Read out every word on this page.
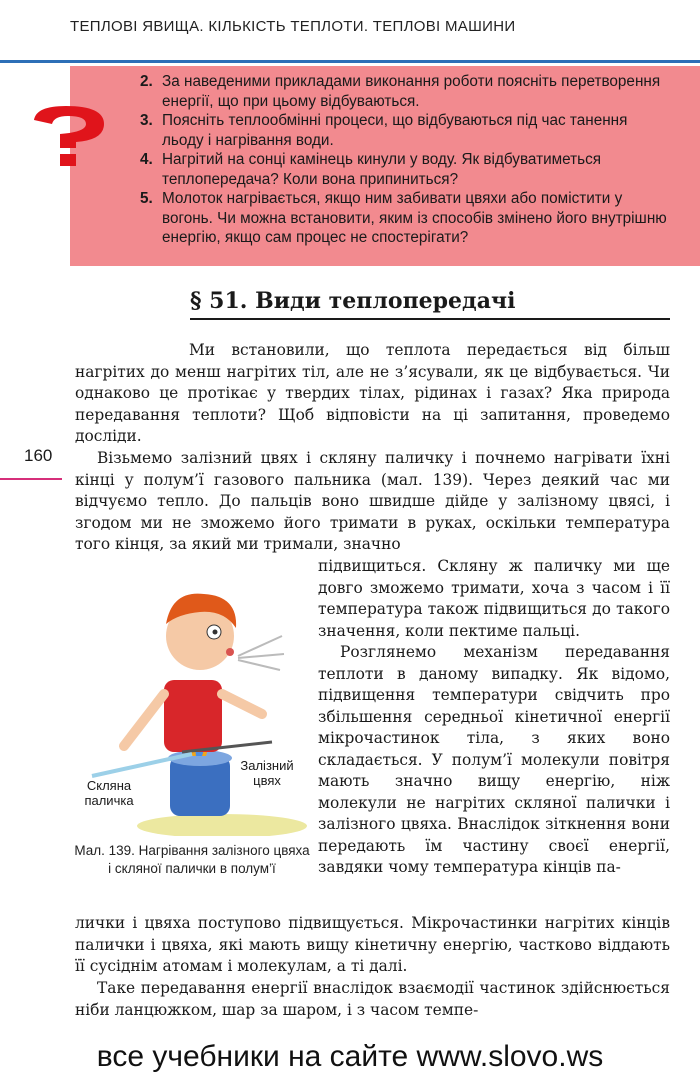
ТЕПЛОВІ ЯВИЩА. КІЛЬКІСТЬ ТЕПЛОТИ. ТЕПЛОВІ МАШИНИ
2. За наведеними прикладами виконання роботи поясніть перетворення енергії, що при цьому відбуваються.
3. Поясніть теплообмінні процеси, що відбуваються під час танення льоду і нагрівання води.
4. Нагрітий на сонці камінець кинули у воду. Як відбуватиметься теплопередача? Коли вона припиниться?
5. Молоток нагрівається, якщо ним забивати цвяхи або помістити у вогонь. Чи можна встановити, яким із способів змінено його внутрішню енергію, якщо сам процес не спостерігати?
§ 51. Види теплопередачі
160

Ми встановили, що теплота передається від більш нагрітих до менш нагрітих тіл, але не з’ясували, як це відбувається. Чи однаково це протікає у твердих тілах, рідинах і газах? Яка природа передавання теплоти? Щоб відповісти на ці запитання, проведемо досліди.

Візьмемо залізний цвях і скляну паличку і почнемо нагрівати їхні кінці у полум’ї газового пальника (мал. 139). Через деякий час ми відчуємо тепло. До пальців воно швидше дійде у залізному цвясі, і згодом ми не зможемо його тримати в руках, оскільки температура того кінця, за який ми тримали, значно

підвищиться. Скляну ж паличку ми ще довго зможемо тримати, хоча з часом і її температура також підвищиться до такого значення, коли пектиме пальці.

Розглянемо механізм передавання теплоти в даному випадку. Як відомо, підвищення температури свідчить про збільшення середньої кінетичної енергії мікрочастинок тіла, з яких воно складається. У полум’ї молекули повітря мають значно вищу енергію, ніж молекули не нагрітих скляної палички і залізного цвяха. Внаслідок зіткнення вони передають їм частину своєї енергії, завдяки чому температура кінців па-

лички і цвяха поступово підвищується. Мікрочастинки нагрітих кінців палички і цвяха, які мають вищу кінетичну енергію, частково віддають її сусіднім атомам і молекулам, а ті далі.

Таке передавання енергії внаслідок взаємодії частинок здійснюється ніби ланцюжком, шар за шаром, і з часом темпе-

Залізний цвях
Скляна паличка
Мал. 139. Нагрівання залізного цвяха і скляної палички в полум’ї
все учебники на сайте www.slovo.ws
